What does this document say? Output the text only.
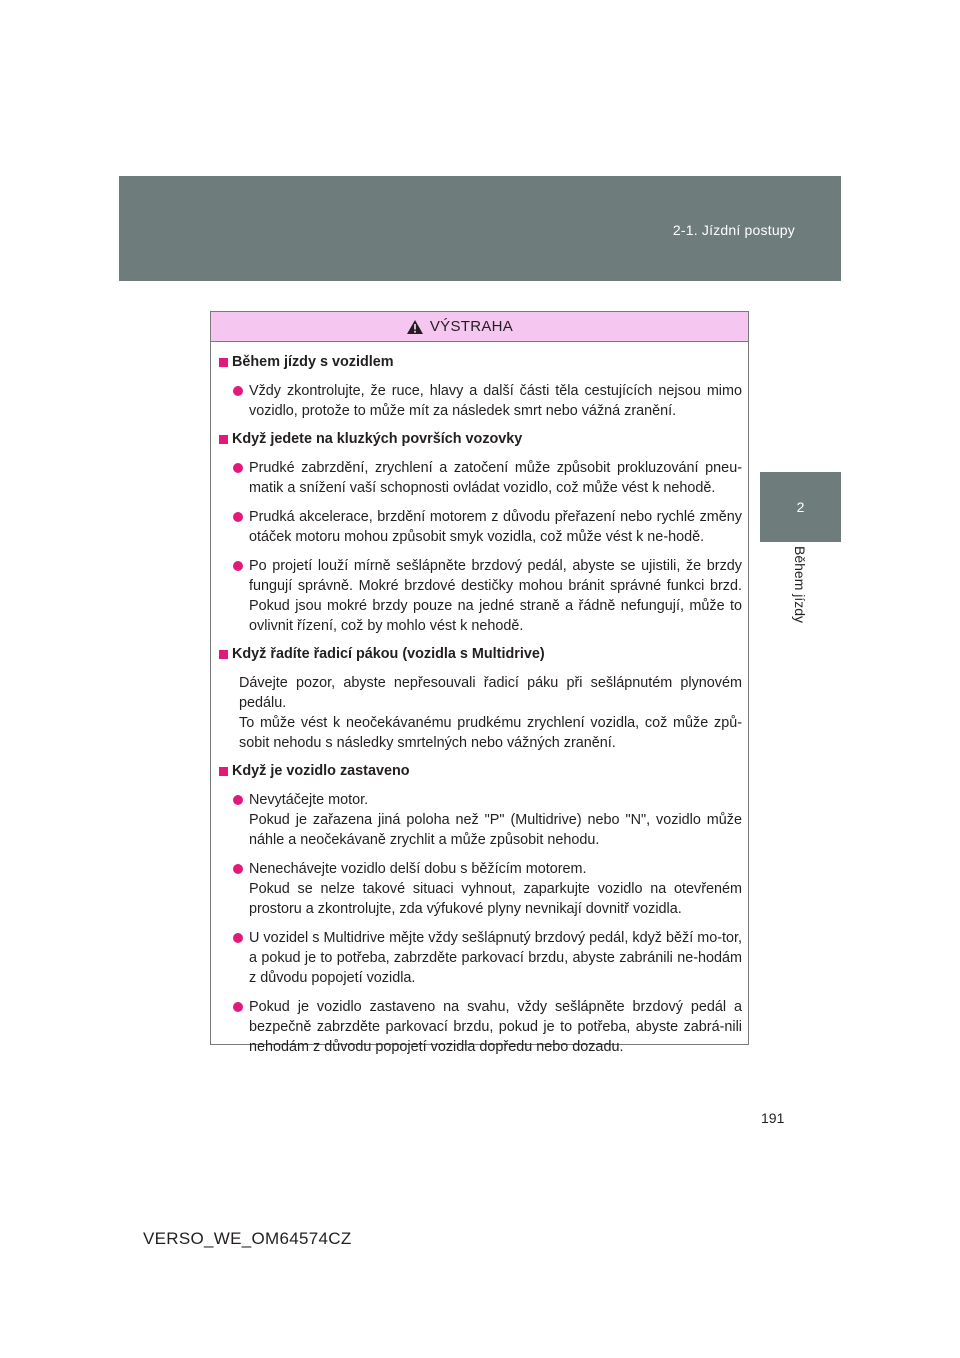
2-1. Jízdní postupy
2
Během jízdy
VÝSTRAHA
Během jízdy s vozidlem
Vždy zkontrolujte, že ruce, hlavy a další části těla cestujících nejsou mimo vozidlo, protože to může mít za následek smrt nebo vážná zranění.
Když jedete na kluzkých površích vozovky
Prudké zabrzdění, zrychlení a zatočení může způsobit prokluzování pneu-matik a snížení vaší schopnosti ovládat vozidlo, což může vést k nehodě.
Prudká akcelerace, brzdění motorem z důvodu přeřazení nebo rychlé změny otáček motoru mohou způsobit smyk vozidla, což může vést k ne-hodě.
Po projetí louží mírně sešlápněte brzdový pedál, abyste se ujistili, že brzdy fungují správně. Mokré brzdové destičky mohou bránit správné funkci brzd. Pokud jsou mokré brzdy pouze na jedné straně a řádně nefungují, může to ovlivnit řízení, což by mohlo vést k nehodě.
Když řadíte řadicí pákou (vozidla s Multidrive)
Dávejte pozor, abyste nepřesouvali řadicí páku při sešlápnutém plynovém pedálu.
To může vést k neočekávanému prudkému zrychlení vozidla, což může způ-sobit nehodu s následky smrtelných nebo vážných zranění.
Když je vozidlo zastaveno
Nevytáčejte motor.
Pokud je zařazena jiná poloha než "P" (Multidrive) nebo "N", vozidlo může náhle a neočekávaně zrychlit a může způsobit nehodu.
Nenechávejte vozidlo delší dobu s běžícím motorem.
Pokud se nelze takové situaci vyhnout, zaparkujte vozidlo na otevřeném prostoru a zkontrolujte, zda výfukové plyny nevnikají dovnitř vozidla.
U vozidel s Multidrive mějte vždy sešlápnutý brzdový pedál, když běží mo-tor, a pokud je to potřeba, zabrzděte parkovací brzdu, abyste zabránili ne-hodám z důvodu popojetí vozidla.
Pokud je vozidlo zastaveno na svahu, vždy sešlápněte brzdový pedál a bezpečně zabrzděte parkovací brzdu, pokud je to potřeba, abyste zabrá-nili nehodám z důvodu popojetí vozidla dopředu nebo dozadu.
191
VERSO_WE_OM64574CZ
